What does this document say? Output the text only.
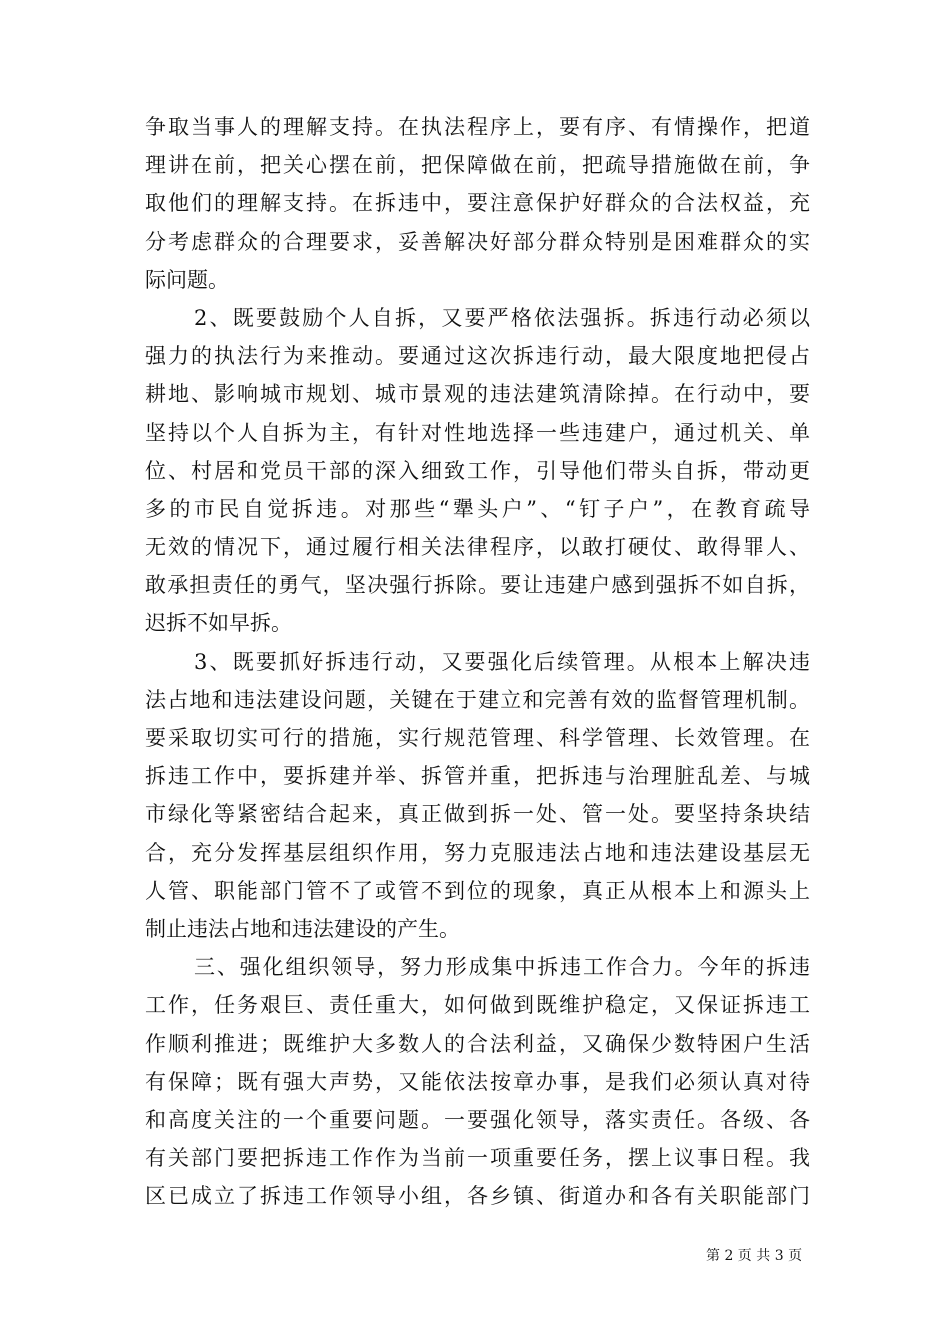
争取当事人的理解支持。在执法程序上，要有序、有情操作，把道
理讲在前，把关心摆在前，把保障做在前，把疏导措施做在前，争
取他们的理解支持。在拆违中，要注意保护好群众的合法权益，充
分考虑群众的合理要求，妥善解决好部分群众特别是困难群众的实
际问题。
2、既要鼓励个人自拆，又要严格依法强拆。拆违行动必须以
强力的执法行为来推动。要通过这次拆违行动，最大限度地把侵占
耕地、影响城市规划、城市景观的违法建筑清除掉。在行动中，要
坚持以个人自拆为主，有针对性地选择一些违建户，通过机关、单
位、村居和党员干部的深入细致工作，引导他们带头自拆，带动更
多的市民自觉拆违。对那些“犟头户”、“钉子户”，在教育疏导
无效的情况下，通过履行相关法律程序，以敢打硬仗、敢得罪人、
敢承担责任的勇气，坚决强行拆除。要让违建户感到强拆不如自拆，
迟拆不如早拆。
3、既要抓好拆违行动，又要强化后续管理。从根本上解决违
法占地和违法建设问题，关键在于建立和完善有效的监督管理机制。
要采取切实可行的措施，实行规范管理、科学管理、长效管理。在
拆违工作中，要拆建并举、拆管并重，把拆违与治理脏乱差、与城
市绿化等紧密结合起来，真正做到拆一处、管一处。要坚持条块结
合，充分发挥基层组织作用，努力克服违法占地和违法建设基层无
人管、职能部门管不了或管不到位的现象，真正从根本上和源头上
制止违法占地和违法建设的产生。
三、强化组织领导，努力形成集中拆违工作合力。今年的拆违
工作，任务艰巨、责任重大，如何做到既维护稳定，又保证拆违工
作顺利推进；既维护大多数人的合法利益，又确保少数特困户生活
有保障；既有强大声势，又能依法按章办事，是我们必须认真对待
和高度关注的一个重要问题。一要强化领导，落实责任。各级、各
有关部门要把拆违工作作为当前一项重要任务，摆上议事日程。我
区已成立了拆违工作领导小组，各乡镇、街道办和各有关职能部门
第 2 页 共 3 页
